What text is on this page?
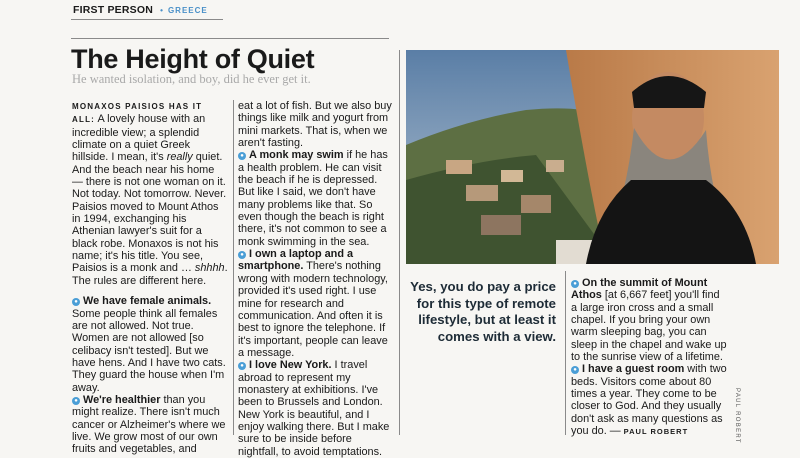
FIRST PERSON • GREECE
The Height of Quiet
He wanted isolation, and boy, did he ever get it.

MONAXOS PAISIOS HAS IT ALL: A lovely house with an incredible view; a splendid climate on a quiet Greek hillside. I mean, it's really quiet. And the beach near his home — there is not one woman on it. Not today. Not tomorrow. Never. Paisios moved to Mount Athos in 1994, exchanging his Athenian lawyer's suit for a black robe. Monaxos is not his name; it's his title. You see, Paisios is a monk and … shhhh. The rules are different here.

● We have female animals. Some people think all females are not allowed. Not true. Women are not allowed [so celibacy isn't tested]. But we have hens. And I have two cats. They guard the house when I'm away.

● We're healthier than you might realize. There isn't much cancer or Alzheimer's where we live. We grow most of our own fruits and vegetables, and

eat a lot of fish. But we also buy things like milk and yogurt from mini markets. That is, when we aren't fasting.

● A monk may swim if he has a health problem. He can visit the beach if he is depressed. But like I said, we don't have many problems like that. So even though the beach is right there, it's not common to see a monk swimming in the sea.

● I own a laptop and a smartphone. There's nothing wrong with modern technology, provided it's used right. I use mine for research and communication. And often it is best to ignore the telephone. If it's important, people can leave a message.

● I love New York. I travel abroad to represent my monastery at exhibitions. I've been to Brussels and London. New York is beautiful, and I enjoy walking there. But I make sure to be inside before nightfall, to avoid temptations.

Yes, you do pay a price for this type of remote lifestyle, but at least it comes with a view.

● On the summit of Mount Athos [at 6,667 feet] you'll find a large iron cross and a small chapel. If you bring your own warm sleeping bag, you can sleep in the chapel and wake up to the sunrise view of a lifetime.

● I have a guest room with two beds. Visitors come about 80 times a year. They come to be closer to God. And they usually don't ask as many questions as you do. — PAUL ROBERT	PAUL ROBERT
